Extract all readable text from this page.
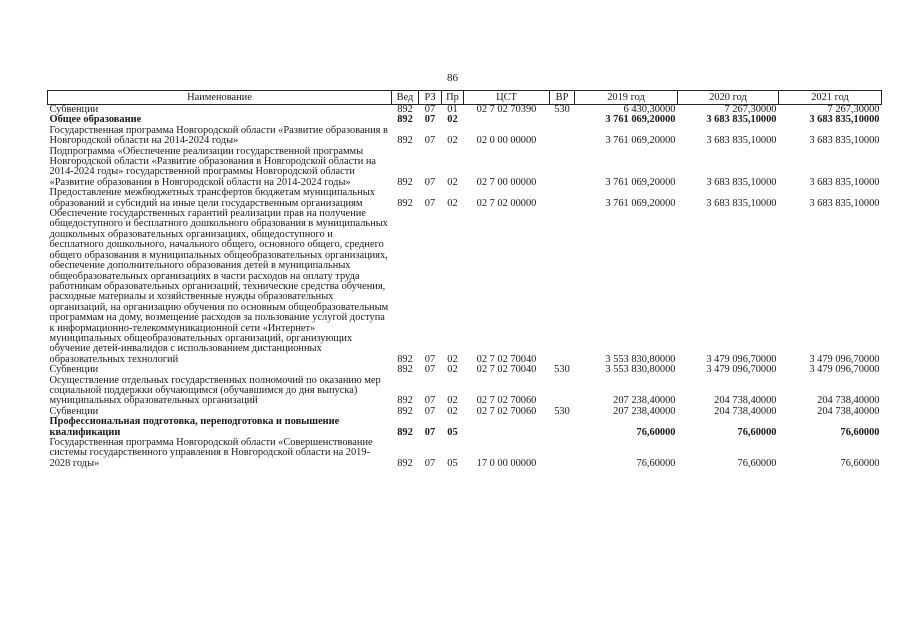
86
Наименование	Вед	РЗ	Пр	ЦСТ	ВР	2019 год	2020 год	2021 год
Субвенции	892	07	01	02 7 02 70390	530	6 430,30000	7 267,30000	7 267,30000
Общее образование	892	07	02			3 761 069,20000	3 683 835,10000	3 683 835,10000
Государственная программа Новгородской области «Развитие образования в Новгородской области на 2014-2024 годы»	892	07	02	02 0 00 00000		3 761 069,20000	3 683 835,10000	3 683 835,10000
Подпрограмма «Обеспечение реализации государственной программы Новгородской области «Развитие образования в Новгородской области на 2014-2024 годы» государственной программы Новгородской области «Развитие образования в Новгородской области на 2014-2024 годы»	892	07	02	02 7 00 00000		3 761 069,20000	3 683 835,10000	3 683 835,10000
Предоставление межбюджетных трансфертов бюджетам муниципальных образований и субсидий на иные цели государственным организациям	892	07	02	02 7 02 00000		3 761 069,20000	3 683 835,10000	3 683 835,10000
Обеспечение государственных гарантий реализации прав на получение общедоступного и бесплатного дошкольного образования в муниципальных дошкольных образовательных организациях, общедоступного и бесплатного дошкольного, начального общего, основного общего, среднего общего образования в муниципальных общеобразовательных организациях, обеспечение дополнительного образования детей в муниципальных общеобразовательных организациях в части расходов на оплату труда работникам образовательных организаций, технические средства обучения, расходные материалы и хозяйственные нужды образовательных организаций, на организацию обучения по основным общеобразовательным программам на дому, возмещение расходов за пользование услугой доступа к информационно-телекоммуникационной сети «Интернет» муниципальных общеобразовательных организаций, организующих обучение детей-инвалидов с использованием дистанционных образовательных технологий	892	07	02	02 7 02 70040		3 553 830,80000	3 479 096,70000	3 479 096,70000
Субвенции	892	07	02	02 7 02 70040	530	3 553 830,80000	3 479 096,70000	3 479 096,70000
Осуществление отдельных государственных полномочий по оказанию мер социальной поддержки обучающимся (обучавшимся до дня выпуска) муниципальных образовательных организаций	892	07	02	02 7 02 70060		207 238,40000	204 738,40000	204 738,40000
Субвенции	892	07	02	02 7 02 70060	530	207 238,40000	204 738,40000	204 738,40000
Профессиональная подготовка, переподготовка и повышение квалификации	892	07	05			76,60000	76,60000	76,60000
Государственная программа Новгородской области «Совершенствование системы государственного управления в Новгородской области на 2019-2028 годы»	892	07	05	17 0 00 00000		76,60000	76,60000	76,60000
